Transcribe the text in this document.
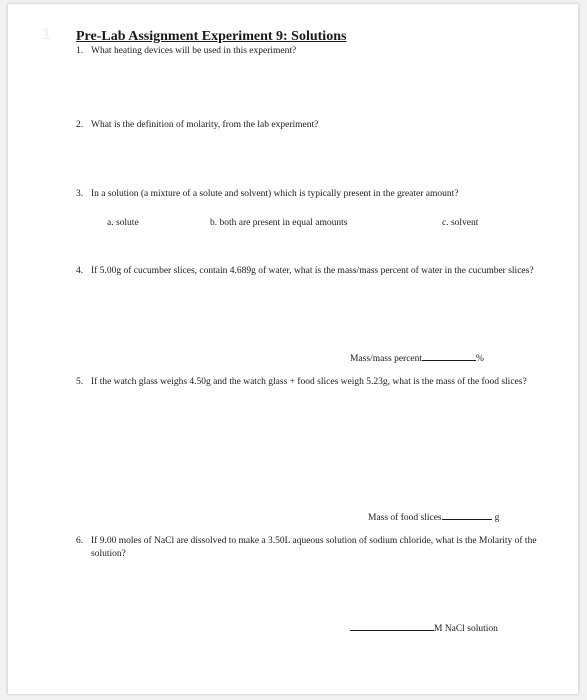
1 Pre-Lab Assignment Experiment 9: Solutions
1. What heating devices will be used in this experiment?
2. What is the definition of molarity, from the lab experiment?
3. In a solution (a mixture of a solute and solvent) which is typically present in the greater amount?
a. solute	b. both are present in equal amounts	c. solvent
4. If 5.00g of cucumber slices, contain 4.689g of water, what is the mass/mass percent of water in the cucumber slices?
Mass/mass percent	%
5. If the watch glass weighs 4.50g and the watch glass + food slices weigh 5.23g, what is the mass of the food slices?
Mass of food slices	g
6. If 9.00 moles of NaCl are dissolved to make a 3.50L aqueous solution of sodium chloride, what is the Molarity of the solution?
M NaCl solution
